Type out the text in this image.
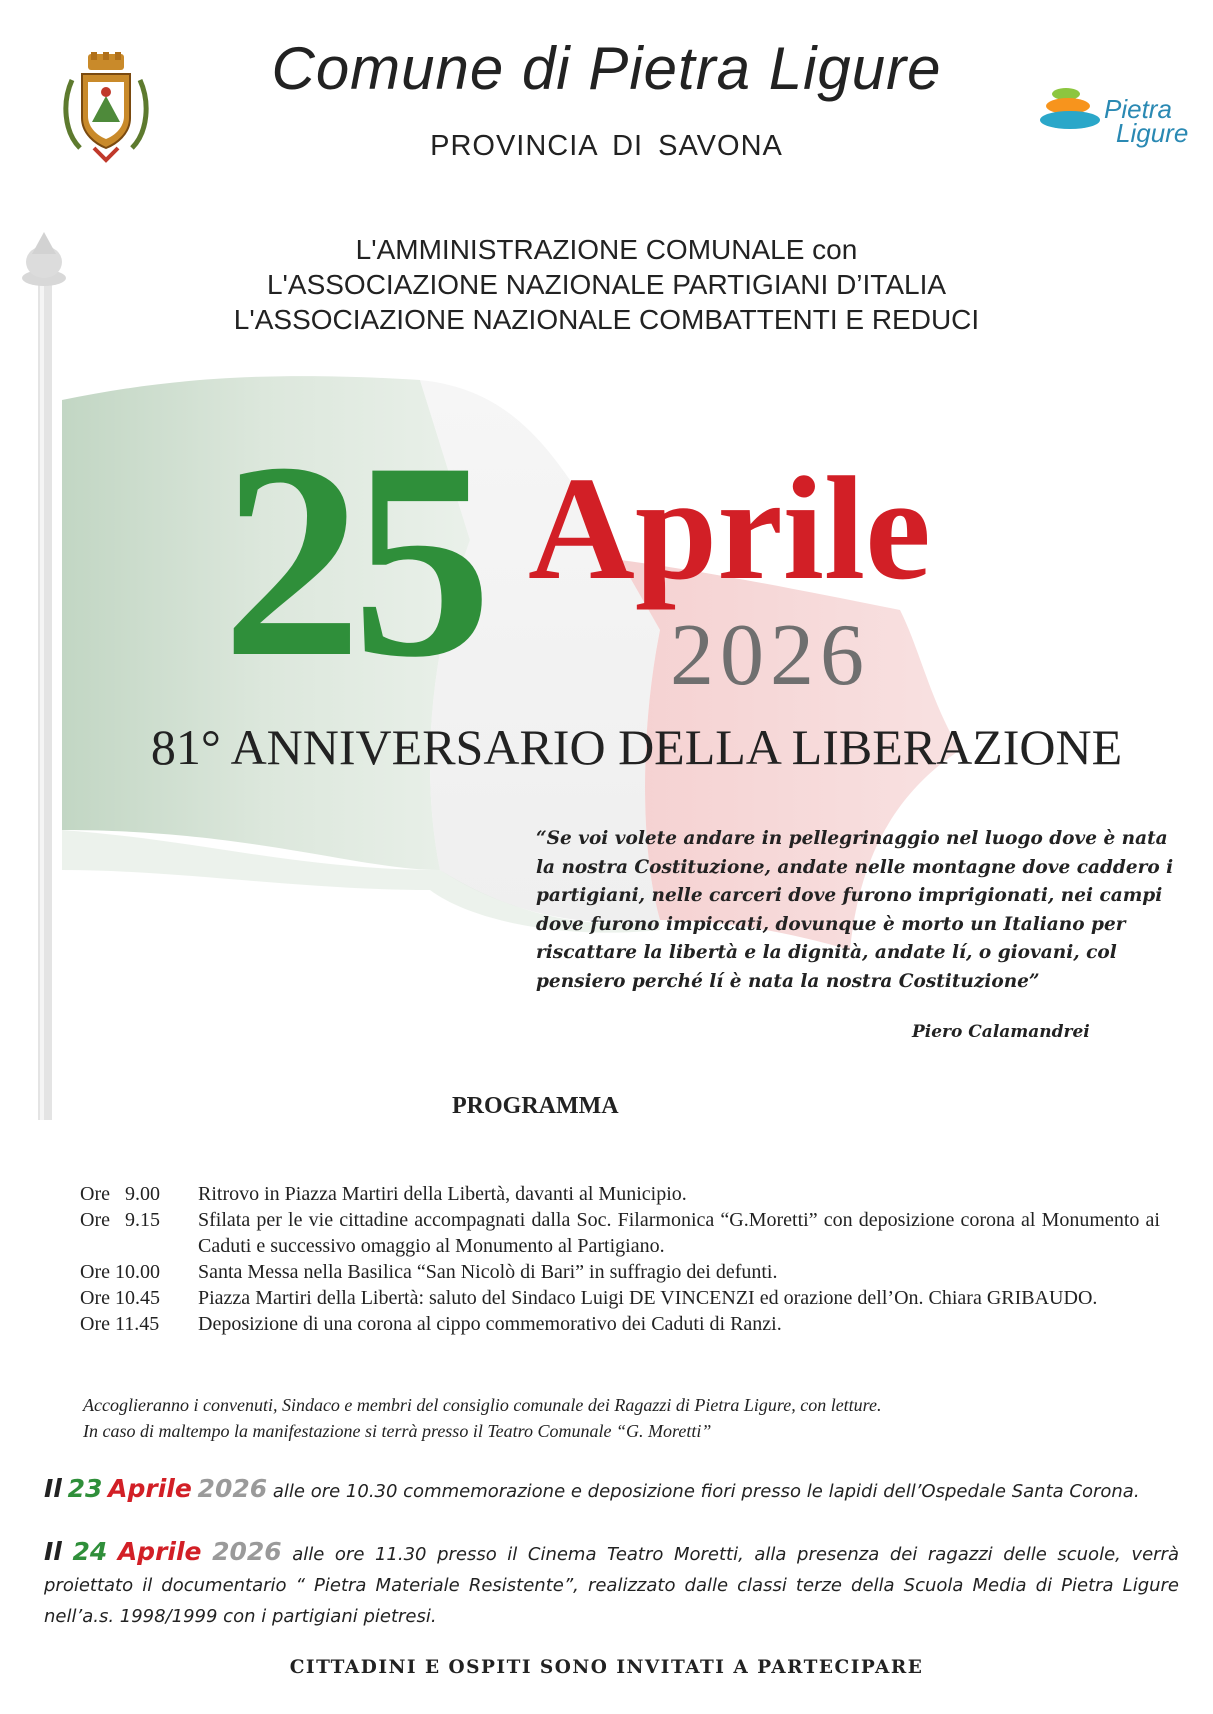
Pietra
Ligure
Comune di Pietra Ligure
PROVINCIA DI SAVONA
L'AMMINISTRAZIONE COMUNALE con
L'ASSOCIAZIONE NAZIONALE PARTIGIANI D’ITALIA
L'ASSOCIAZIONE NAZIONALE COMBATTENTI E REDUCI
25 Aprile
2026
81° ANNIVERSARIO DELLA LIBERAZIONE
“Se voi volete andare in pellegrinaggio nel luogo dove è nata la nostra Costituzione, andate nelle montagne dove caddero i partigiani, nelle carceri dove furono imprigionati, nei campi dove furono impiccati, dovunque è morto un Italiano per riscattare la libertà e la dignità, andate lí, o giovani, col pensiero perché lí è nata la nostra Costituzione”
Piero Calamandrei
PROGRAMMA
Ore   9.00	Ritrovo in Piazza Martiri della Libertà, davanti al Municipio.
Ore   9.15	Sfilata per le vie cittadine accompagnati dalla Soc. Filarmonica “G.Moretti” con deposizione corona al Monumento ai Caduti e successivo omaggio al Monumento al Partigiano.
Ore 10.00	Santa Messa nella Basilica “San Nicolò di Bari” in suffragio dei defunti.
Ore 10.45	Piazza Martiri della Libertà: saluto del Sindaco Luigi DE VINCENZI ed orazione dell’On. Chiara GRIBAUDO.
Ore 11.45	Deposizione di una corona al cippo commemorativo dei Caduti di Ranzi.
Accoglieranno i convenuti, Sindaco e membri del consiglio comunale dei Ragazzi di Pietra Ligure, con letture.
In caso di maltempo la manifestazione si terrà presso il Teatro Comunale “G. Moretti”
Il 23 Aprile 2026 alle ore 10.30 commemorazione e deposizione fiori presso le lapidi dell’Ospedale Santa Corona.
Il 24 Aprile 2026 alle ore 11.30 presso il Cinema Teatro Moretti, alla presenza dei ragazzi delle scuole, verrà proiettato il documentario “ Pietra Materiale Resistente”, realizzato dalle classi terze della Scuola Media di Pietra Ligure nell’a.s. 1998/1999 con i partigiani pietresi.
CITTADINI E OSPITI SONO INVITATI A PARTECIPARE
